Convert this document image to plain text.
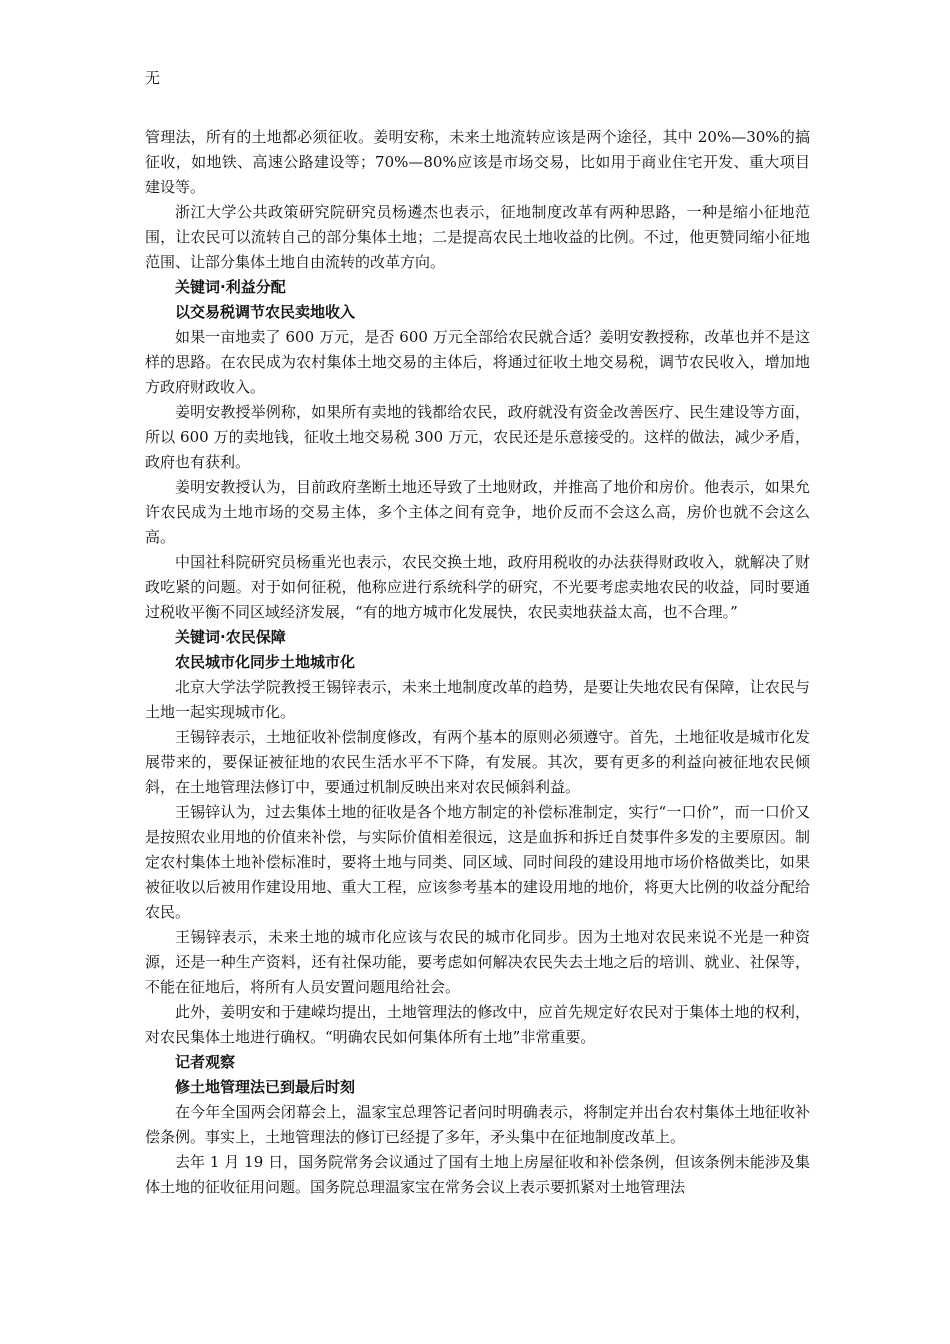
无

管理法，所有的土地都必须征收。姜明安称，未来土地流转应该是两个途径，其中 20%—30%的搞征收，如地铁、高速公路建设等；70%—80%应该是市场交易，比如用于商业住宅开发、重大项目建设等。

浙江大学公共政策研究院研究员杨遴杰也表示，征地制度改革有两种思路，一种是缩小征地范围，让农民可以流转自己的部分集体土地；二是提高农民土地收益的比例。不过，他更赞同缩小征地范围、让部分集体土地自由流转的改革方向。

关键词·利益分配

以交易税调节农民卖地收入

如果一亩地卖了 600 万元，是否 600 万元全部给农民就合适？姜明安教授称，改革也并不是这样的思路。在农民成为农村集体土地交易的主体后，将通过征收土地交易税，调节农民收入，增加地方政府财政收入。

姜明安教授举例称，如果所有卖地的钱都给农民，政府就没有资金改善医疗、民生建设等方面，所以 600 万的卖地钱，征收土地交易税 300 万元，农民还是乐意接受的。这样的做法，减少矛盾，政府也有获利。

姜明安教授认为，目前政府垄断土地还导致了土地财政，并推高了地价和房价。他表示，如果允许农民成为土地市场的交易主体，多个主体之间有竞争，地价反而不会这么高，房价也就不会这么高。

中国社科院研究员杨重光也表示，农民交换土地，政府用税收的办法获得财政收入，就解决了财政吃紧的问题。对于如何征税，他称应进行系统科学的研究，不光要考虑卖地农民的收益，同时要通过税收平衡不同区域经济发展，“有的地方城市化发展快，农民卖地获益太高，也不合理。”

关键词·农民保障

农民城市化同步土地城市化

北京大学法学院教授王锡锌表示，未来土地制度改革的趋势，是要让失地农民有保障，让农民与土地一起实现城市化。

王锡锌表示，土地征收补偿制度修改，有两个基本的原则必须遵守。首先，土地征收是城市化发展带来的，要保证被征地的农民生活水平不下降，有发展。其次，要有更多的利益向被征地农民倾斜，在土地管理法修订中，要通过机制反映出来对农民倾斜利益。

王锡锌认为，过去集体土地的征收是各个地方制定的补偿标准制定，实行“一口价”，而一口价又是按照农业用地的价值来补偿，与实际价值相差很远，这是血拆和拆迁自焚事件多发的主要原因。制定农村集体土地补偿标准时，要将土地与同类、同区域、同时间段的建设用地市场价格做类比，如果被征收以后被用作建设用地、重大工程，应该参考基本的建设用地的地价，将更大比例的收益分配给农民。

王锡锌表示，未来土地的城市化应该与农民的城市化同步。因为土地对农民来说不光是一种资源，还是一种生产资料，还有社保功能，要考虑如何解决农民失去土地之后的培训、就业、社保等，不能在征地后，将所有人员安置问题甩给社会。

此外，姜明安和于建嵘均提出，土地管理法的修改中，应首先规定好农民对于集体土地的权利，对农民集体土地进行确权。“明确农民如何集体所有土地”非常重要。

记者观察

修土地管理法已到最后时刻

在今年全国两会闭幕会上，温家宝总理答记者问时明确表示，将制定并出台农村集体土地征收补偿条例。事实上，土地管理法的修订已经提了多年，矛头集中在征地制度改革上。

去年 1 月 19 日，国务院常务会议通过了国有土地上房屋征收和补偿条例，但该条例未能涉及集体土地的征收征用问题。国务院总理温家宝在常务会议上表示要抓紧对土地管理法
